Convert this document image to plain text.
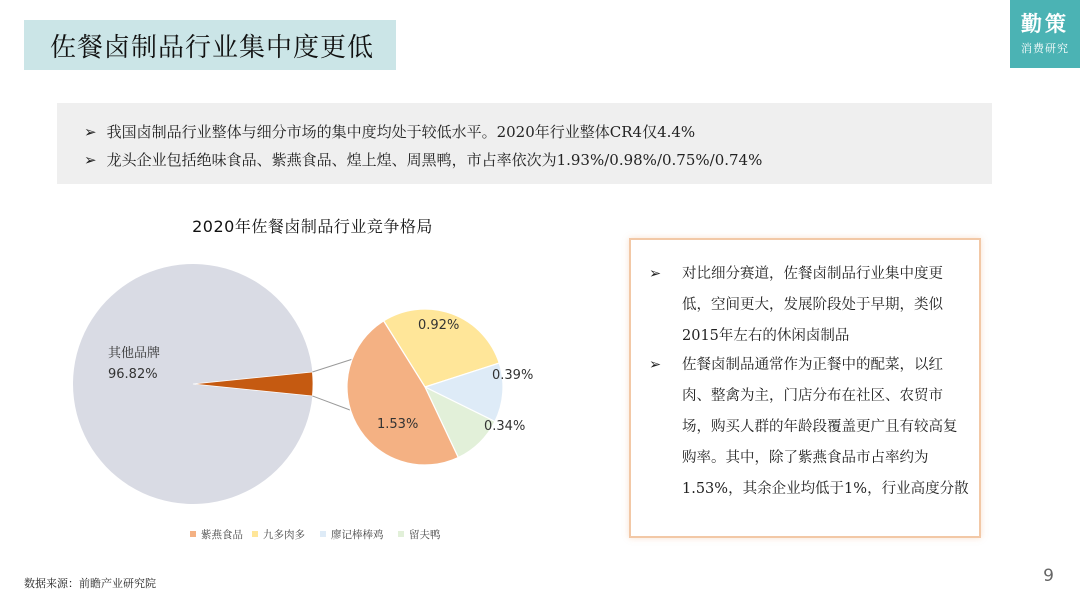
佐餐卤制品行业集中度更低
勤策
消费研究
➢ 我国卤制品行业整体与细分市场的集中度均处于较低水平。2020年行业整体CR4仅4.4%
➢ 龙头企业包括绝味食品、紫燕食品、煌上煌、周黑鸭，市占率依次为1.93%/0.98%/0.75%/0.74%
2020年佐餐卤制品行业竞争格局
其他品牌
96.82%
0.92%
0.39%
0.34%
1.53%
紫燕食品 九多肉多 廖记棒棒鸡 留夫鸭
➢	对比细分赛道，佐餐卤制品行业集中度更低，空间更大，发展阶段处于早期，类似2015年左右的休闲卤制品
➢	佐餐卤制品通常作为正餐中的配菜，以红肉、整禽为主，门店分布在社区、农贸市场，购买人群的年龄段覆盖更广且有较高复购率。其中，除了紫燕食品市占率约为1.53%，其余企业均低于1%，行业高度分散
数据来源：前瞻产业研究院	9
